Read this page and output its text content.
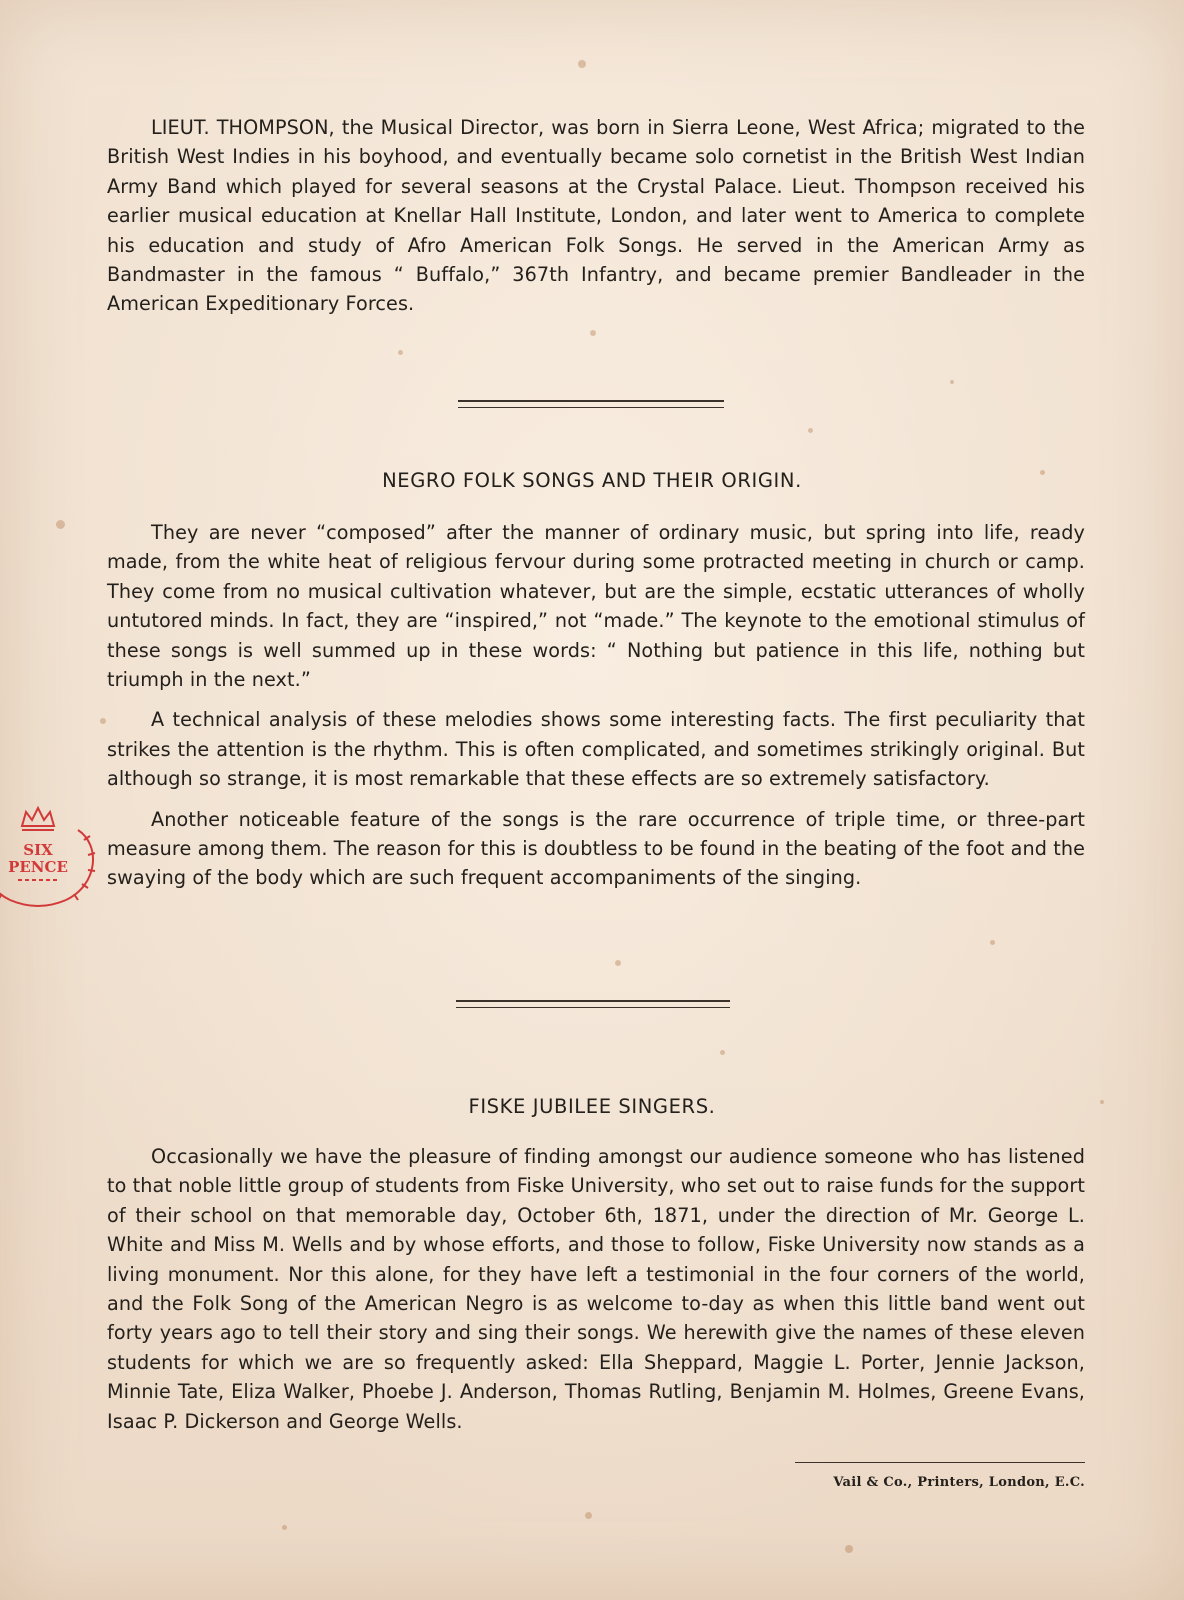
LIEUT. THOMPSON, the Musical Director, was born in Sierra Leone, West Africa; migrated to the British West Indies in his boyhood, and eventually became solo cornetist in the British West Indian Army Band which played for several seasons at the Crystal Palace. Lieut. Thompson received his earlier musical education at Knellar Hall Institute, London, and later went to America to complete his education and study of Afro American Folk Songs. He served in the American Army as Bandmaster in the famous “ Buffalo,” 367th Infantry, and became premier Bandleader in the American Expeditionary Forces.

NEGRO FOLK SONGS AND THEIR ORIGIN.

They are never “composed” after the manner of ordinary music, but spring into life, ready made, from the white heat of religious fervour during some protracted meeting in church or camp. They come from no musical cultivation whatever, but are the simple, ecstatic utterances of wholly untutored minds. In fact, they are “inspired,” not “made.” The keynote to the emotional stimulus of these songs is well summed up in these words: “ Nothing but patience in this life, nothing but triumph in the next.”

A technical analysis of these melodies shows some interesting facts. The first peculiarity that strikes the attention is the rhythm. This is often complicated, and sometimes strikingly original. But although so strange, it is most remarkable that these effects are so extremely satisfactory.

Another noticeable feature of the songs is the rare occurrence of triple time, or three-part measure among them. The reason for this is doubtless to be found in the beating of the foot and the swaying of the body which are such frequent accompaniments of the singing.

FISKE JUBILEE SINGERS.

Occasionally we have the pleasure of finding amongst our audience someone who has listened to that noble little group of students from Fiske University, who set out to raise funds for the support of their school on that memorable day, October 6th, 1871, under the direction of Mr. George L. White and Miss M. Wells and by whose efforts, and those to follow, Fiske University now stands as a living monument. Nor this alone, for they have left a testimonial in the four corners of the world, and the Folk Song of the American Negro is as welcome to-day as when this little band went out forty years ago to tell their story and sing their songs. We herewith give the names of these eleven students for which we are so frequently asked: Ella Sheppard, Maggie L. Porter, Jennie Jackson, Minnie Tate, Eliza Walker, Phoebe J. Anderson, Thomas Rutling, Benjamin M. Holmes, Greene Evans, Isaac P. Dickerson and George Wells.

Vail & Co., Printers, London, E.C.
SIX
PENCE
